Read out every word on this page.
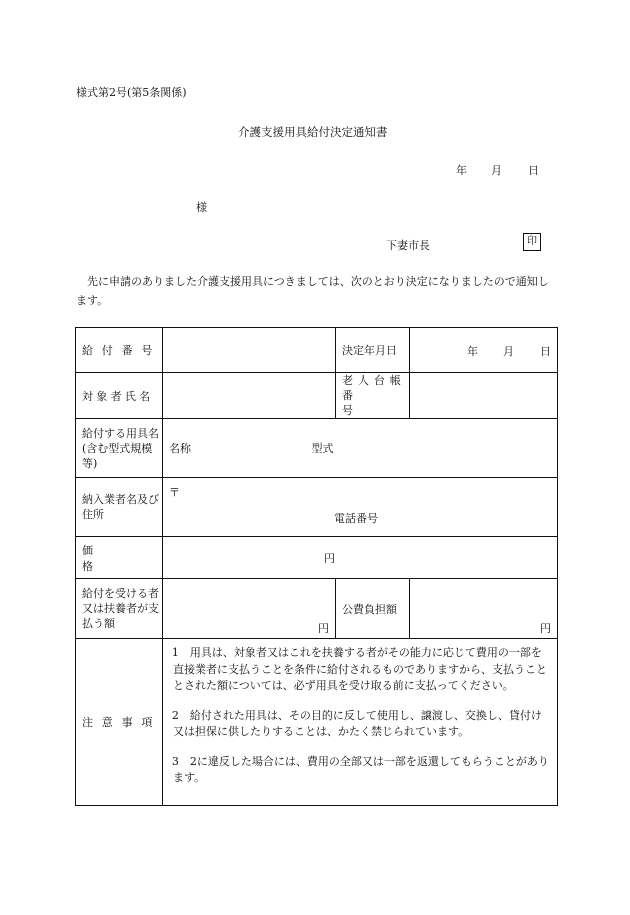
様式第2号(第5条関係)
介護支援用具給付決定通知書
年 月 日
様
下妻市長	印
先に申請のありました介護支援用具につきましては、次のとおり決定になりましたので通知します。
給付番号		決定年月日	年 月 日

対象者氏名		老人台帳
番号	

給付する用具名(含む型式規模等)	名称 型式		
納入業者名及び住所	〒
電話番号		

価格	円		
給付を受ける者又は扶養者が支払う額	円	公費負担額	円
注意事項	1　用具は、対象者又はこれを扶養する者がその能力に応じて費用の一部を直接業者に支払うことを条件に給付されるものでありますから、支払うこととされた額については、必ず用具を受け取る前に支払ってください。

2　給付された用具は、その目的に反して使用し、譲渡し、交換し、貸付け又は担保に供したりすることは、かたく禁じられています。

3　2に違反した場合には、費用の全部又は一部を返還してもらうことがあります。		
